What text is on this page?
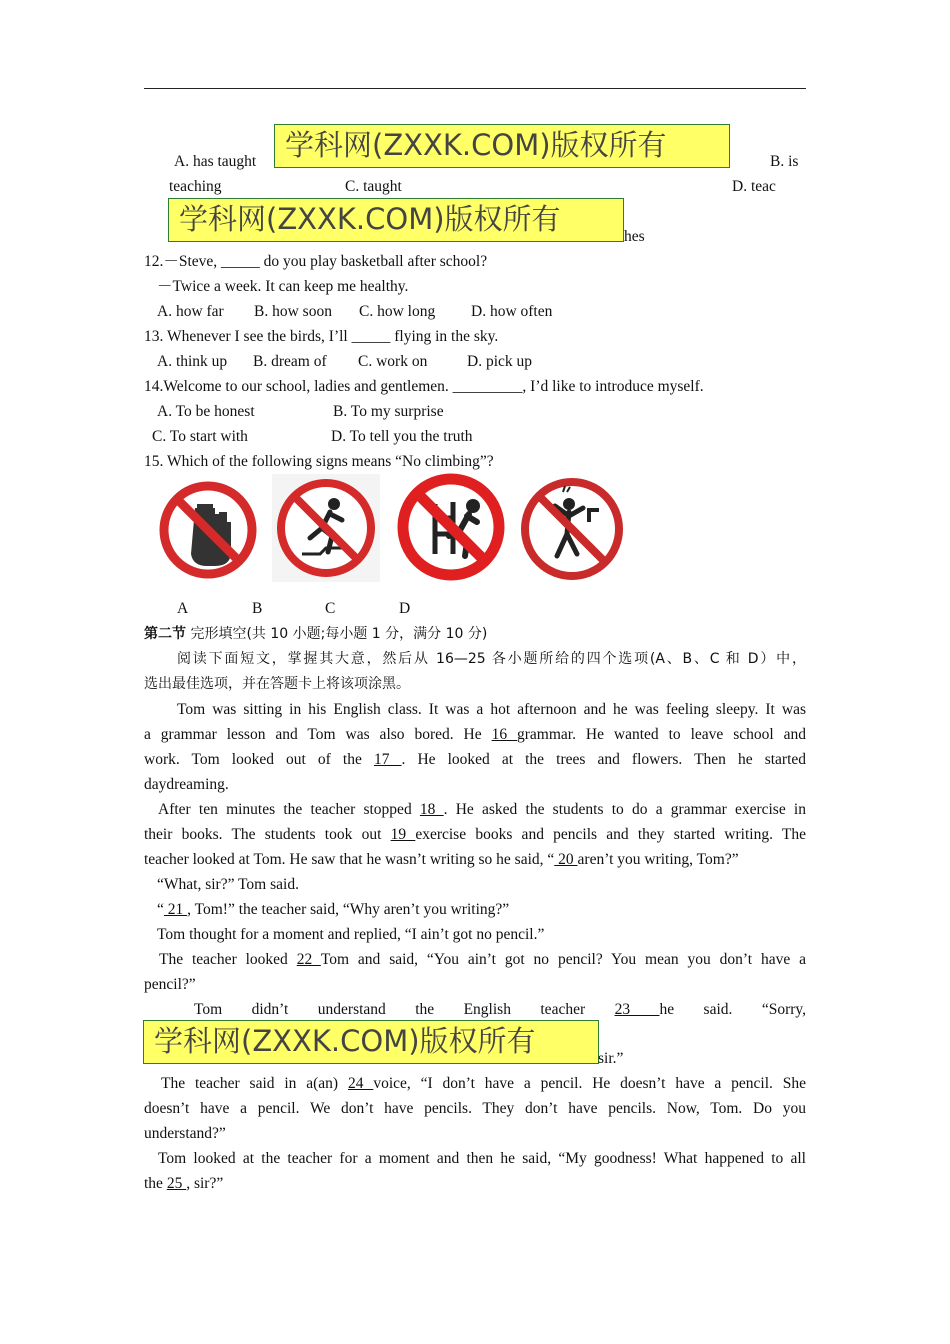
A. has taught	B. is
teaching	C. taught	D. teac
hes
学科网(ZXXK.COM)版权所有
学科网(ZXXK.COM)版权所有
12.－Steve, _____ do you play basketball after school?
－Twice a week. It can keep me healthy.
A. how far B. how soon C. how long D. how often
13. Whenever I see the birds, I’ll _____ flying in the sky.
A. think up B. dream of C. work on	D. pick up
14.Welcome to our school, ladies and gentlemen. _________, I’d like to introduce myself.
A. To be honest	B. To my surprise
C. To start with	D. To tell you the truth
15. Which of the following signs means “No climbing”?
A	B	C	D
第二节 完形填空(共 10 小题;每小题 1 分，满分 10 分)
阅读下面短文，掌握其大意，然后从 16—25 各小题所给的四个选项(A、B、C 和 D）中，
选出最佳选项，并在答题卡上将该项涂黑。
Tom was sitting in his English class. It was a hot afternoon and he was feeling sleepy. It was
a grammar lesson and Tom was also bored. He 16 grammar. He wanted to leave school and
work. Tom looked out of the 17 . He looked at the trees and flowers. Then he started
daydreaming.
After ten minutes the teacher stopped 18 . He asked the students to do a grammar exercise in
their books. The students took out 19 exercise books and pencils and they started writing. The
teacher looked at Tom. He saw that he wasn’t writing so he said, “ 20 aren’t you writing, Tom?”
“What, sir?” Tom said.
“ 21 , Tom!” the teacher said, “Why aren’t you writing?”
Tom thought for a moment and replied, “I ain’t got no pencil.”
The teacher looked 22 Tom and said, “You ain’t got no pencil? You mean you don’t have a
pencil?”
Tom didn’t understand the English teacher 23 he said. “Sorry,
学科网(ZXXK.COM)版权所有
sir.”
The teacher said in a(an) 24 voice, “I don’t have a pencil. He doesn’t have a pencil. She
doesn’t have a pencil. We don’t have pencils. They don’t have pencils. Now, Tom. Do you
understand?”
Tom looked at the teacher for a moment and then he said, “My goodness! What happened to all
the 25 , sir?”
